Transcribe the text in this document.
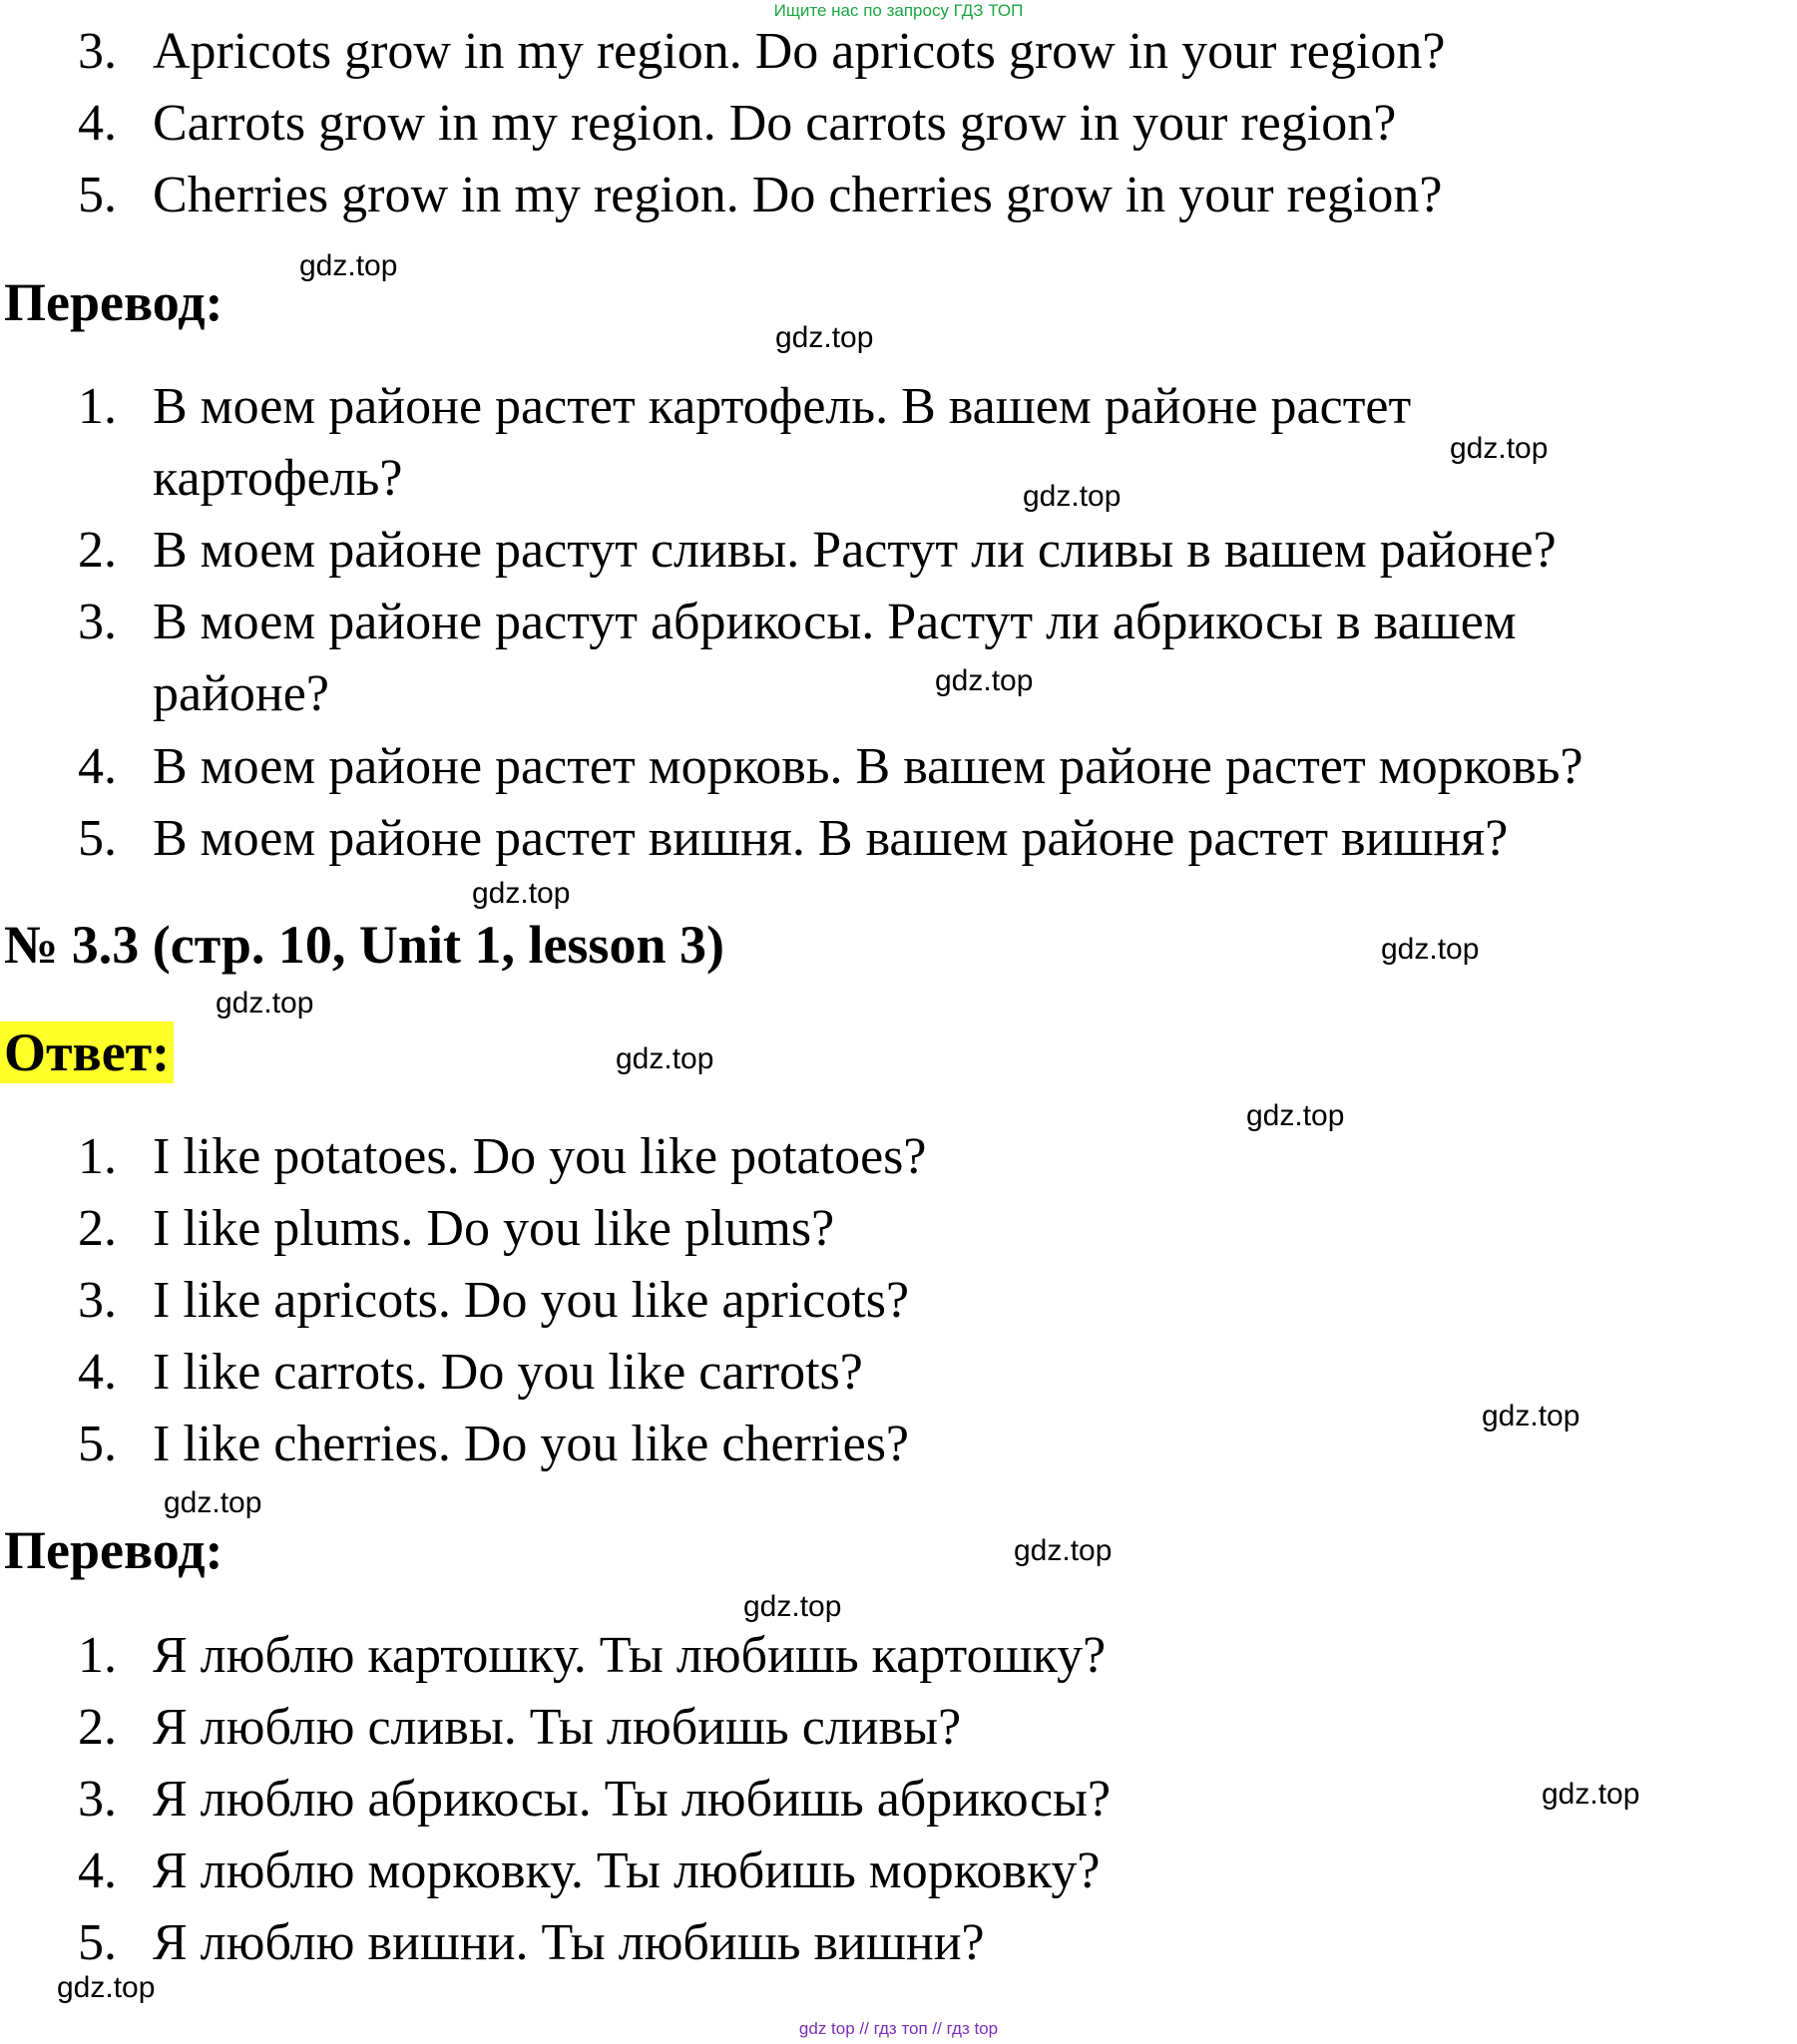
Ищите нас по запросу ГДЗ ТОП
3. Apricots grow in my region. Do apricots grow in your region?
4. Carrots grow in my region. Do carrots grow in your region?
5. Cherries grow in my region. Do cherries grow in your region?
Перевод:
1. В моем районе растет картофель. В вашем районе растет
картофель?
2. В моем районе растут сливы. Растут ли сливы в вашем районе?
3. В моем районе растут абрикосы. Растут ли абрикосы в вашем
районе?
4. В моем районе растет морковь. В вашем районе растет морковь?
5. В моем районе растет вишня. В вашем районе растет вишня?
№ 3.3 (стр. 10, Unit 1, lesson 3)
Ответ:
1. I like potatoes. Do you like potatoes?
2. I like plums. Do you like plums?
3. I like apricots. Do you like apricots?
4. I like carrots. Do you like carrots?
5. I like cherries. Do you like cherries?
Перевод:
1. Я люблю картошку. Ты любишь картошку?
2. Я люблю сливы. Ты любишь сливы?
3. Я люблю абрикосы. Ты любишь абрикосы?
4. Я люблю морковку. Ты любишь морковку?
5. Я люблю вишни. Ты любишь вишни?
gdz.top
gdz.top
gdz.top
gdz.top
gdz.top
gdz.top
gdz.top
gdz.top
gdz.top
gdz.top
gdz.top
gdz.top
gdz.top
gdz.top
gdz.top
gdz.top
gdz top // гдз топ // гдз top
